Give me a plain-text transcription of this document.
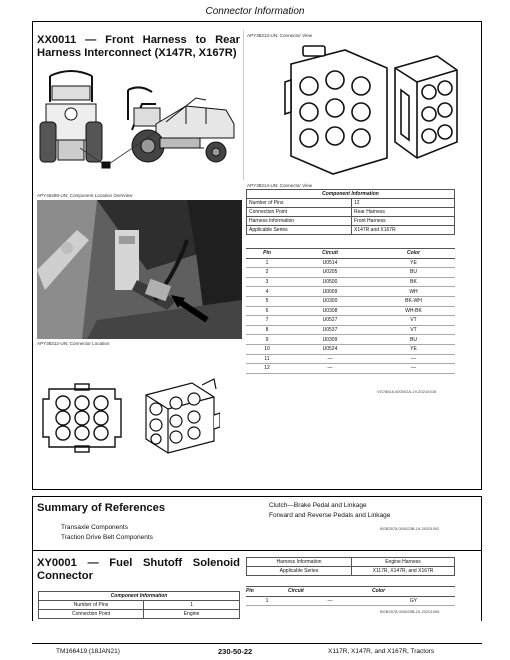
Connector Information
XX0011 — Front Harness to Rear
Harness Interconnect (X147R, X167R)
APY45489-UN: Component Location Overview
APY38312-UN: Connector Location
APY38313-UN: Connector View
APY38314-UN: Connector View
Component Information	
Number of Pins	12
Connection Point	Rear Harness
Harness Information	Front Harness
Applicable Series	X147R and X167R
Pin	Circuit	Color
1	U0514	YE
2	U0205	BU
3	U0500	BK
4	U0009	WH
5	U0300	BK-WH
6	U0308	WH-BK
7	U0527	VT
8	U0537	VT
9	U0309	BU
10	U0524	YE
11	—	—
12	—	—
VG78618,000002A-19-20210108
Summary of References
Transaxle Components
Traction Drive Belt Components
Clutch—Brake Pedal and Linkage
Forward and Reverse Pedals and Linkage
BGB2578,000023B-19-20201002
XY0001 — Fuel Shutoff Solenoid
Connector
Harness Information	Engine Harness
Applicable Series	X117R, X147R, and X167R
Component Information	
Number of Pins	1
Connection Point	Engine
Pin	Circuit	Color
1	—	GY
BGB2578,000025B-19-20201005
TM166419 (18JAN21)	230-50-22	X117R, X147R, and X167R, Tractors
